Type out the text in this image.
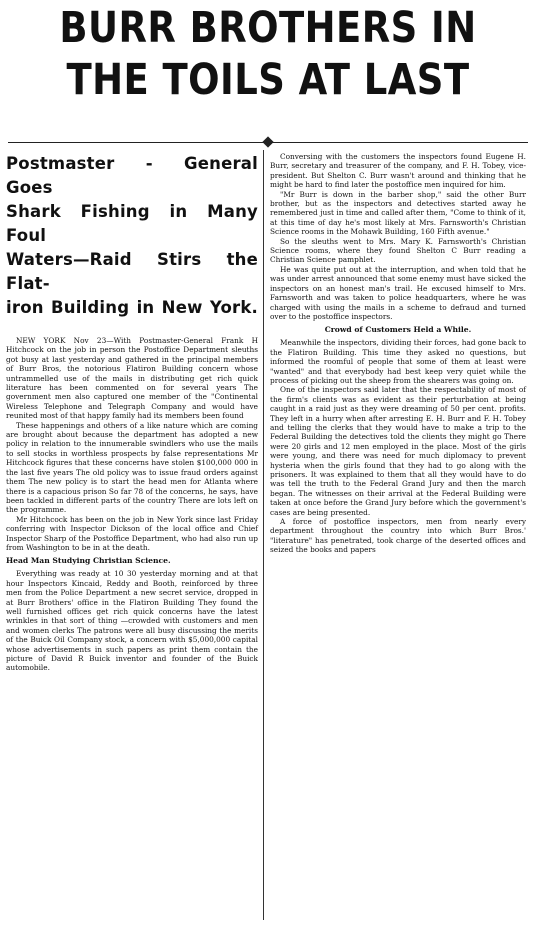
BURR BROTHERS IN
THE TOILS AT LAST
Postmaster - General Goes
Shark Fishing in Many Foul
Waters—Raid Stirs the Flat-
iron Building in New York.

NEW YORK Nov 23—With Postmaster-General Frank H Hitchcock on the job in person the Postoffice Department sleuths got busy at last yesterday and gathered in the principal members of Burr Bros, the notorious Flatiron Building concern whose untrammelled use of the mails in distributing get rich quick literature has been commented on for several years The government men also captured one member of the "Continental Wireless Telephone and Telegraph Company and would have reunited most of that happy family had its members been found

These happenings and others of a like nature which are coming are brought about because the department has adopted a new policy in relation to the innumerable swindlers who use the mails to sell stocks in worthless prospects by false representations Mr Hitchcock figures that these concerns have stolen $100,000 000 in the last five years The old policy was to issue fraud orders against them The new policy is to start the head men for Atlanta where there is a capacious prison So far 78 of the concerns, he says, have been tackled in different parts of the country There are lots left on the programme.

Mr Hitchcock has been on the job in New York since last Friday conferring with Inspector Dickson of the local office and Chief Inspector Sharp of the Postoffice Department, who had also run up from Washington to be in at the death.

Head Man Studying Christian Science.

Everything was ready at 10 30 yesterday morning and at that hour Inspectors Kincaid, Reddy and Booth, reinforced by three men from the Police Department a new secret service, dropped in at Burr Brothers' office in the Flatiron Building They found the well furnished offices get rich quick concerns have the latest wrinkles in that sort of thing —crowded with customers and men and women clerks The patrons were all busy discussing the merits of the Buick Oil Company stock, a concern with $5,000,000 capital whose advertisements in such papers as print them contain the picture of David R Buick inventor and founder of the Buick automobile.

Conversing with the customers the inspectors found Eugene H. Burr, secretary and treasurer of the company, and F. H. Tobey, vice-president. But Shelton C. Burr wasn't around and thinking that he might be hard to find later the postoffice men inquired for him.

"Mr Burr is down in the barber shop," said the other Burr brother, but as the inspectors and detectives started away he remembered just in time and called after them, "Come to think of it, at this time of day he's most likely at Mrs. Farnsworth's Christian Science rooms in the Mohawk Building, 160 Fifth avenue."

So the sleuths went to Mrs. Mary K. Farnsworth's Christian Science rooms, where they found Shelton C Burr reading a Christian Science pamphlet.

He was quite put out at the interruption, and when told that he was under arrest announced that some enemy must have sicked the inspectors on an honest man's trail. He excused himself to Mrs. Farnsworth and was taken to police headquarters, where he was charged with using the mails in a scheme to defraud and turned over to the postoffice inspectors.

Crowd of Customers Held a While.

Meanwhile the inspectors, dividing their forces, had gone back to the Flatiron Building. This time they asked no questions, but informed the roomful of people that some of them at least were "wanted" and that everybody had best keep very quiet while the process of picking out the sheep from the shearers was going on.

One of the inspectors said later that the respectability of most of the firm's clients was as evident as their perturbation at being caught in a raid just as they were dreaming of 50 per cent. profits. They left in a hurry when after arresting E. H. Burr and F. H. Tobey and telling the clerks that they would have to make a trip to the Federal Building the detectives told the clients they might go There were 20 girls and 12 men employed in the place. Most of the girls were young, and there was need for much diplomacy to prevent hysteria when the girls found that they had to go along with the prisoners. It was explained to them that all they would have to do was tell the truth to the Federal Grand Jury and then the march began. The witnesses on their arrival at the Federal Building were taken at once before the Grand Jury before which the government's cases are being presented.

A force of postoffice inspectors, men from nearly every department throughout the country into which Burr Bros.' "literature" has penetrated, took charge of the deserted offices and seized the books and papers
